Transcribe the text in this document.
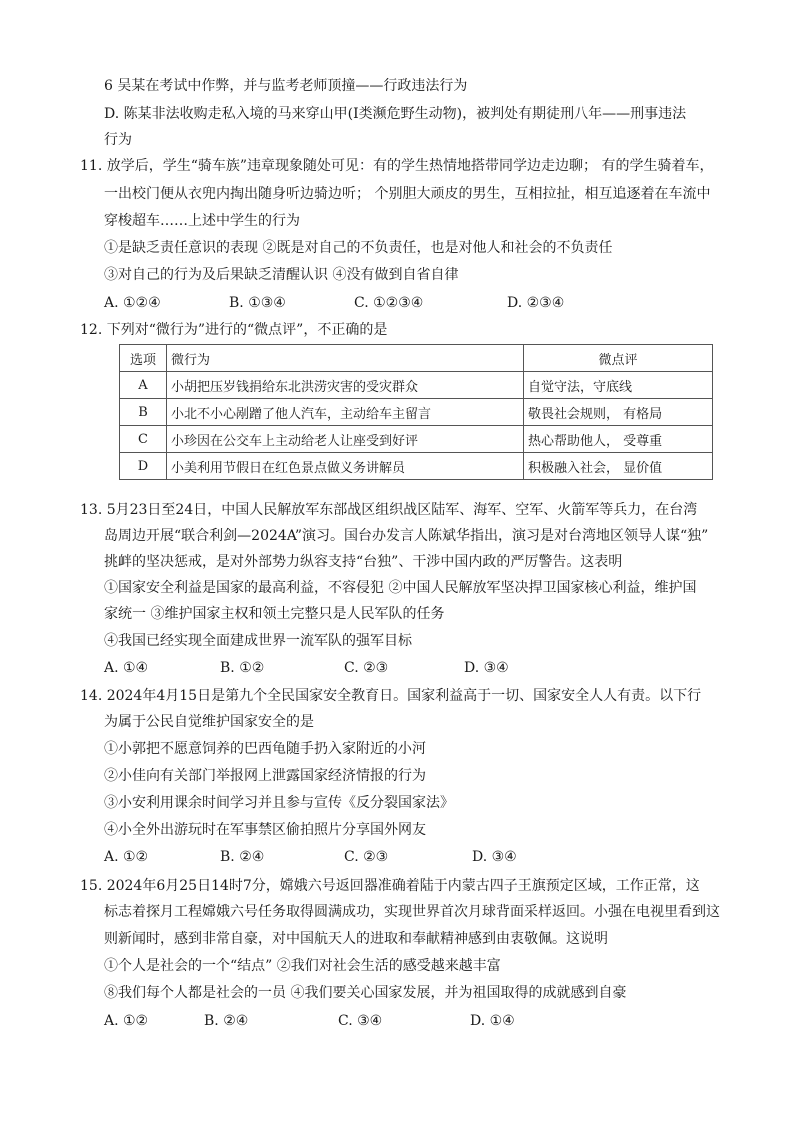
6 吴某在考试中作弊，并与监考老师顶撞——行政违法行为
D. 陈某非法收购走私入境的马来穿山甲(Ⅰ类濒危野生动物)，被判处有期徒刑八年——刑事违法
行为
11. 放学后，学生“骑车族”违章现象随处可见：有的学生热情地搭带同学边走边聊； 有的学生骑着车，
一出校门便从衣兜内掏出随身听边骑边听； 个别胆大顽皮的男生，互相拉扯，相互追逐着在车流中
穿梭超车……上述中学生的行为
①是缺乏责任意识的表现 ②既是对自己的不负责任，也是对他人和社会的不负责任
③对自己的行为及后果缺乏清醒认识 ④没有做到自省自律
A. ①②④	B. ①③④	C. ①②③④	D. ②③④
12. 下列对“微行为”进行的“微点评”，不正确的是
选项	微行为	微点评
A	小胡把压岁钱捐给东北洪涝灾害的受灾群众	自觉守法，守底线
B	小北不小心剐蹭了他人汽车，主动给车主留言	敬畏社会规则， 有格局
C	小珍因在公交车上主动给老人让座受到好评	热心帮助他人， 受尊重
D	小美利用节假日在红色景点做义务讲解员	积极融入社会， 显价值
13. 5月23日至24日，中国人民解放军东部战区组织战区陆军、海军、空军、火箭军等兵力，在台湾
岛周边开展“联合利剑—2024A”演习。国台办发言人陈斌华指出，演习是对台湾地区领导人谋“独”
挑衅的坚决惩戒，是对外部势力纵容支持“台独”、干涉中国内政的严厉警告。这表明
①国家安全利益是国家的最高利益，不容侵犯 ②中国人民解放军坚决捍卫国家核心利益，维护国
家统一 ③维护国家主权和领土完整只是人民军队的任务
④我国已经实现全面建成世界一流军队的强军目标
A. ①④	B. ①②	C. ②③	D. ③④
14. 2024年4月15日是第九个全民国家安全教育日。国家利益高于一切、国家安全人人有责。以下行
为属于公民自觉维护国家安全的是
①小郭把不愿意饲养的巴西龟随手扔入家附近的小河
②小佳向有关部门举报网上泄露国家经济情报的行为
③小安利用课余时间学习并且参与宣传《反分裂国家法》
④小全外出游玩时在军事禁区偷拍照片分享国外网友
A. ①②	B. ②④	C. ②③	D. ③④
15. 2024年6月25日14时7分，嫦娥六号返回器准确着陆于内蒙古四子王旗预定区域，工作正常，这
标志着探月工程嫦娥六号任务取得圆满成功，实现世界首次月球背面采样返回。小强在电视里看到这
则新闻时，感到非常自豪，对中国航天人的进取和奉献精神感到由衷敬佩。这说明
①个人是社会的一个“结点” ②我们对社会生活的感受越来越丰富
⑧我们每个人都是社会的一员 ④我们要关心国家发展，并为祖国取得的成就感到自豪
A. ①②	B. ②④	C. ③④	D. ①④
